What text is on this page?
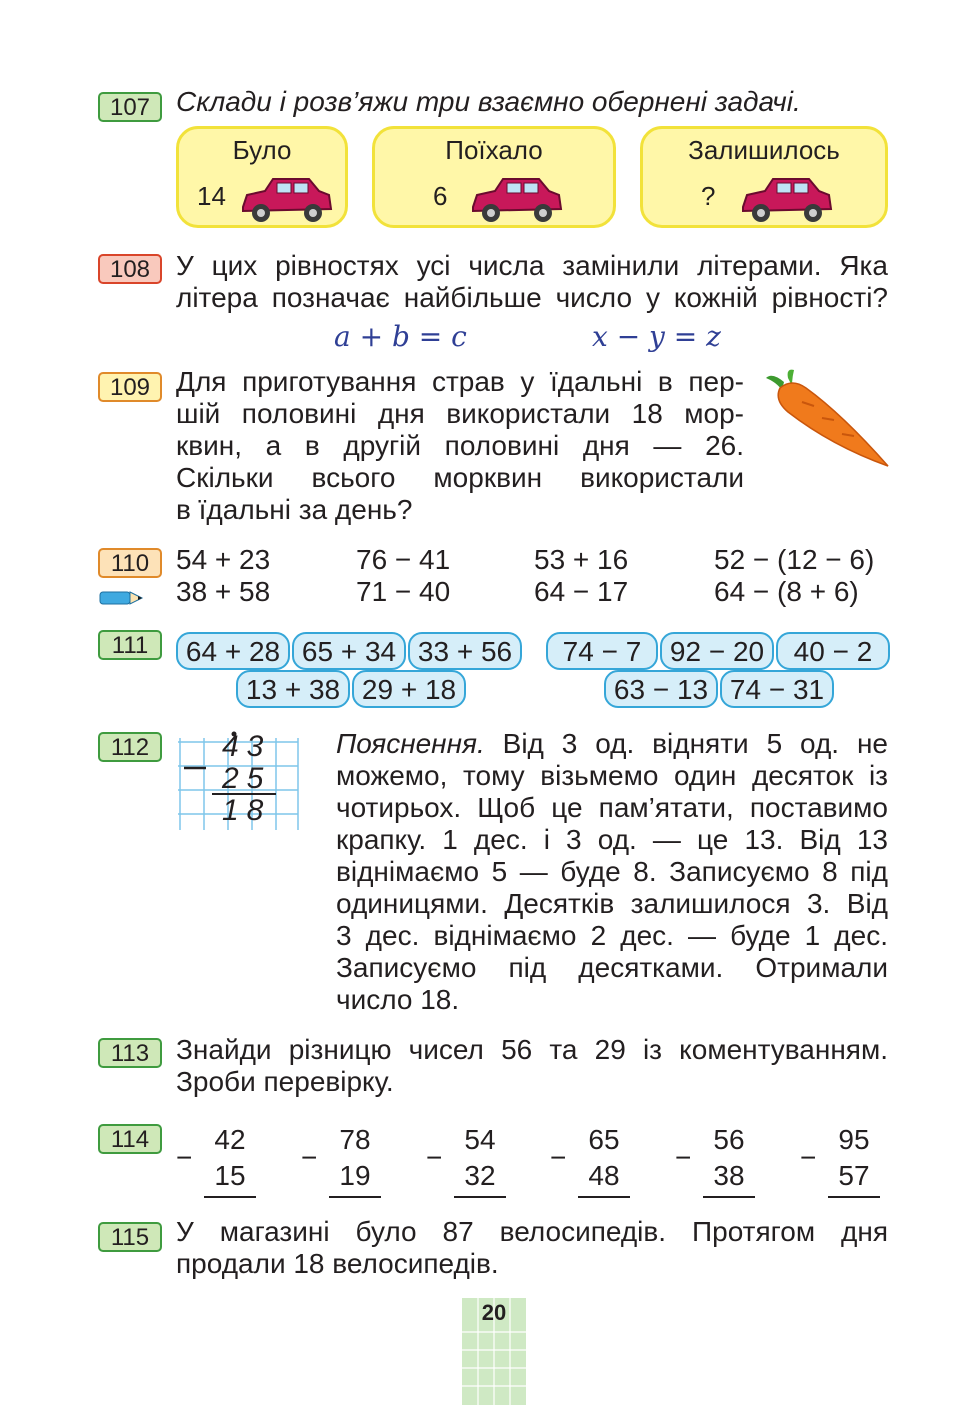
107 Склади і розв’яжи три взаємно обернені задачі.
Було
14
Поїхало
6
Залишилось
?
108 У цих рівностях усі числа замінили літерами. Яка
літера позначає найбільше число у кожній рівності?
a + b = c	x − y = z
109 Для приготування страв у їдальні в пер-
шій половині дня використали 18 мор-
квин, а в другій половині дня — 26.
Скільки всього морквин використали
в їдальні за день?
110 54 + 23	76 − 41	53 + 16	52 − (12 − 6)
38 + 58	71 − 40	64 − 17	64 − (8 + 6)
111	64 + 28 65 + 34 33 + 56	74 − 7	92 − 20	40 − 2
13 + 38 29 + 18	63 − 13 74 − 31
112	43
25
18
Пояснення. Від 3 од. відняти 5 од. не
можемо, тому візьмемо один десяток із
чотирьох. Щоб це пам’ятати, поставимо
крапку. 1 дес. і 3 од. — це 13. Від 13
віднімаємо 5 — буде 8. Записуємо 8 під
одиницями. Десятків залишилося 3. Від
3 дес. віднімаємо 2 дес. — буде 1 дес.
Записуємо під десятками. Отримали
число 18.
113 Знайди різницю чисел 56 та 29 із коментуванням.
Зроби перевірку.
114
−
42
15
−
78
19
−
54
32
−
65
48
−
56
38
−
95
57
115 У магазині було 87 велосипедів. Протягом дня
продали 18 велосипедів.
20
